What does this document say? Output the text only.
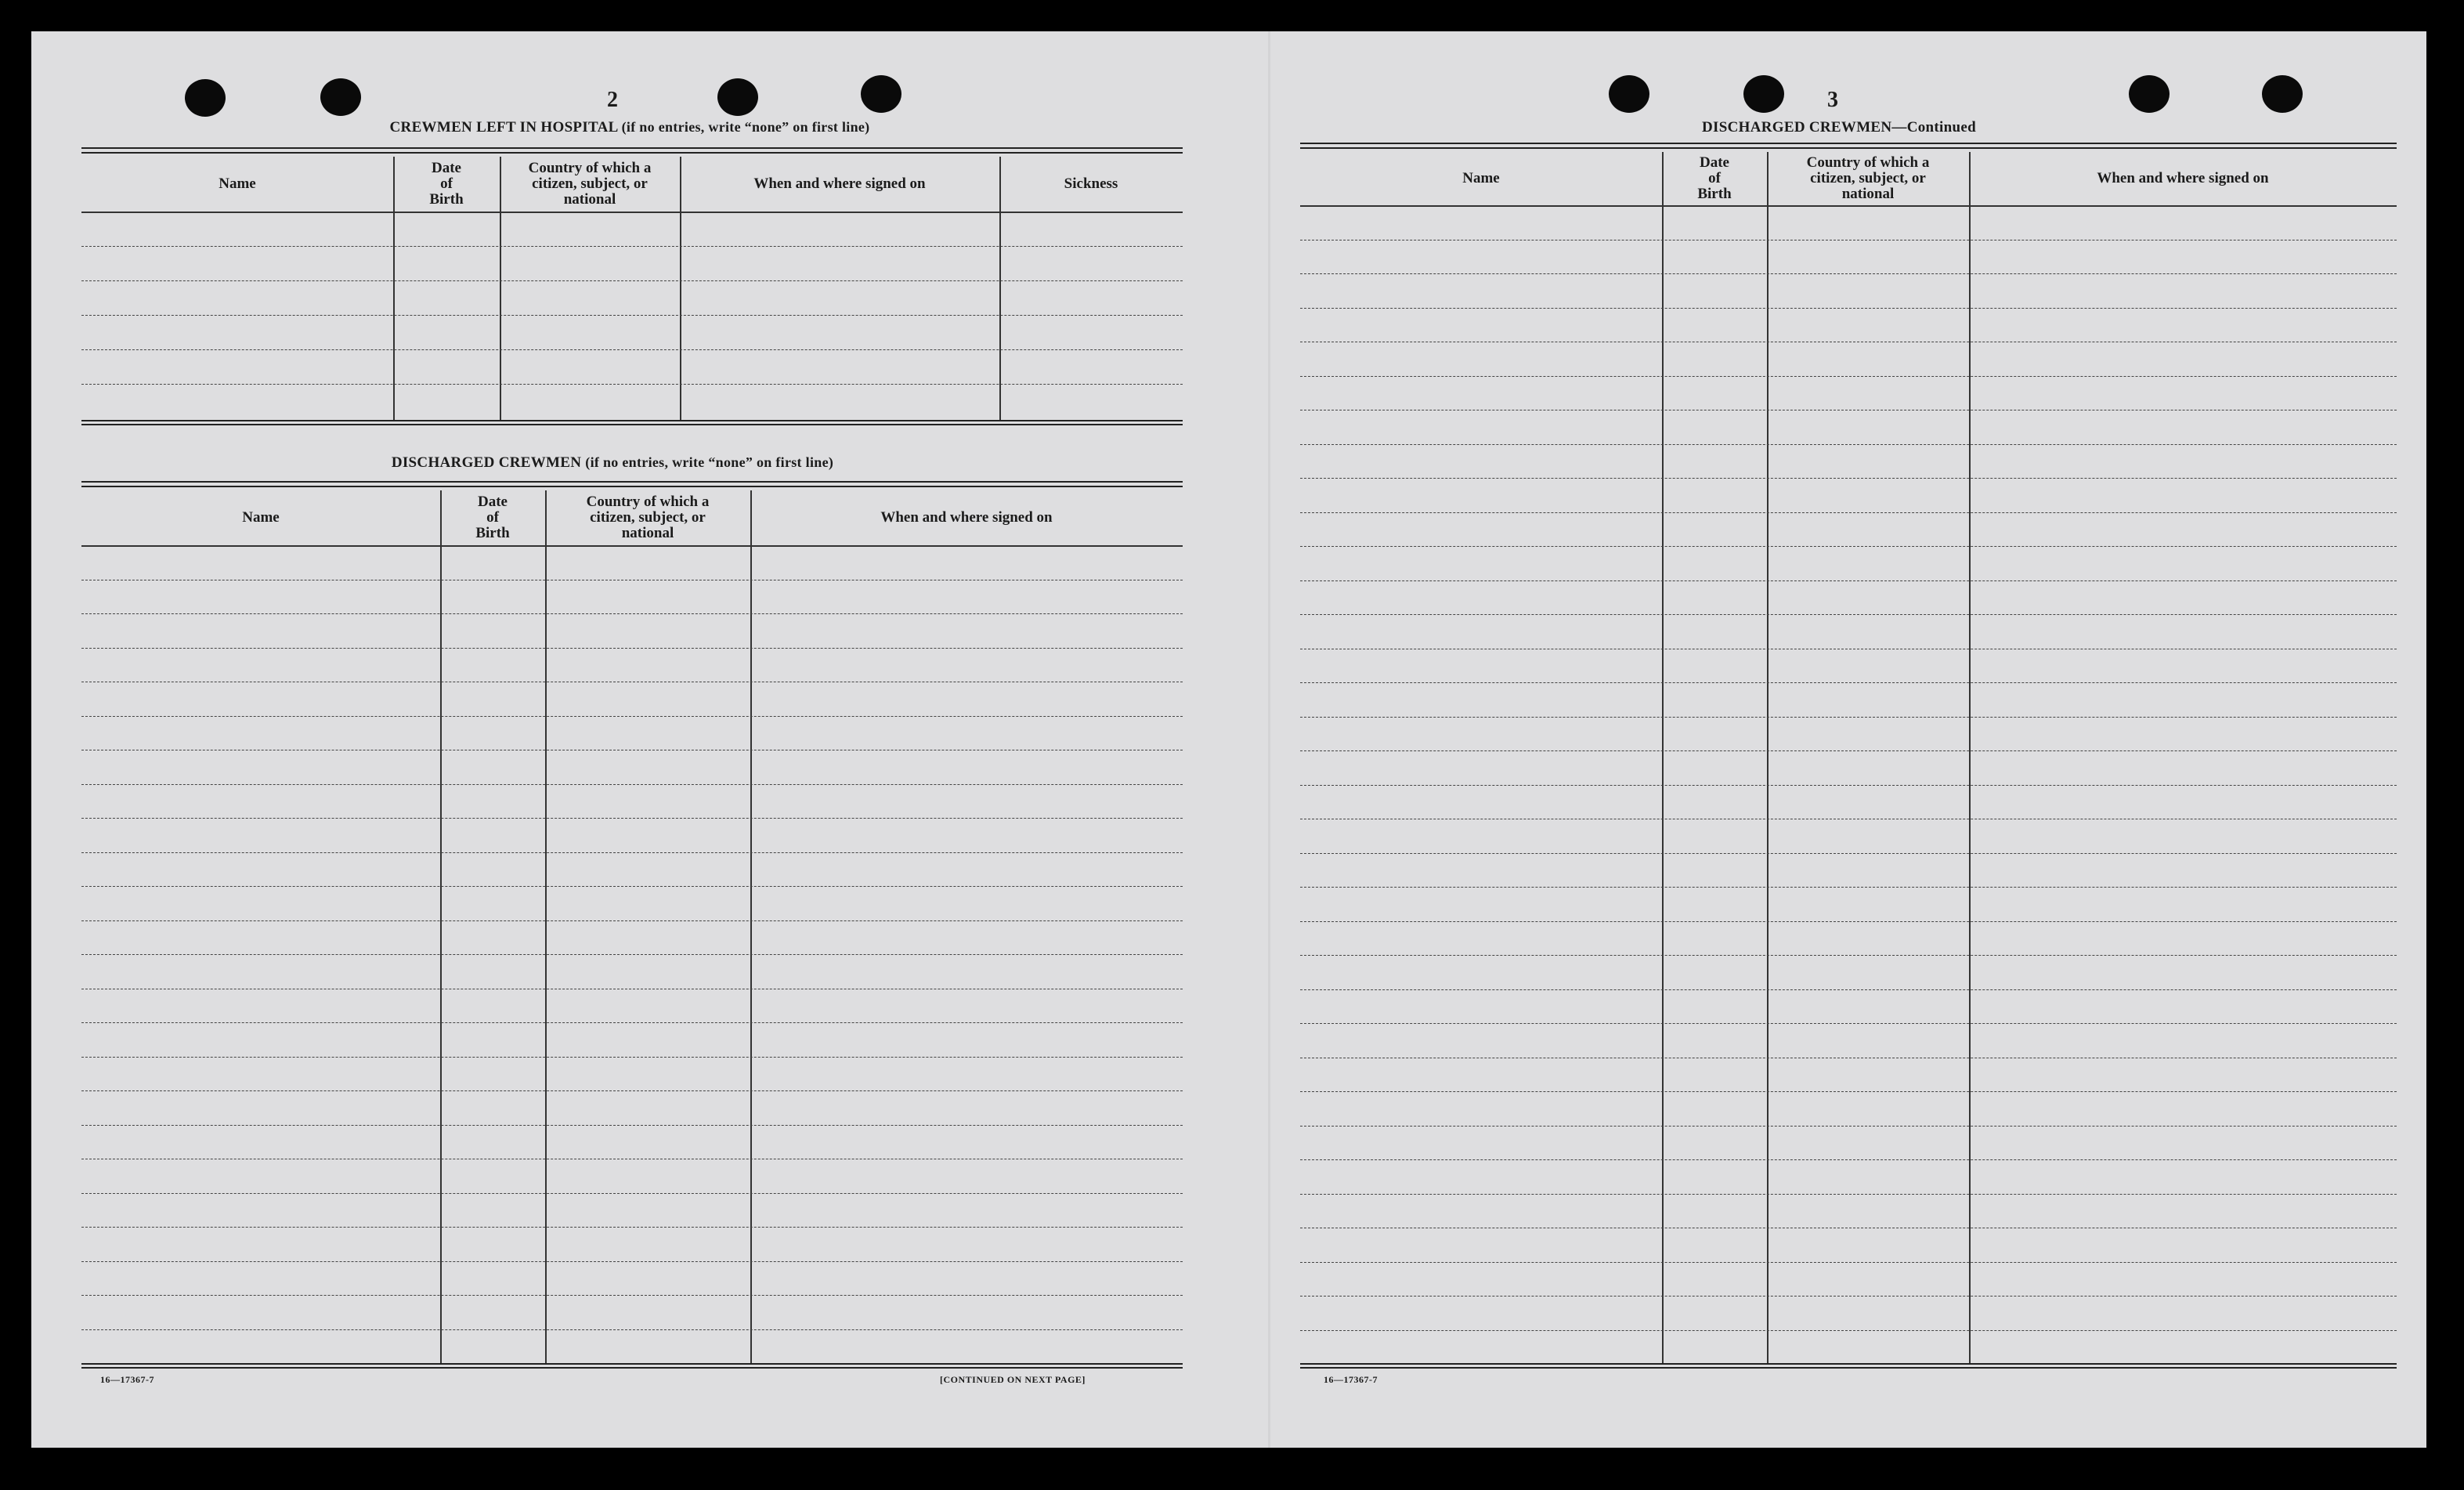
2
CREWMEN LEFT IN HOSPITAL (if no entries, write “none” on first line)
Name
Date
of
Birth
Country of which a
citizen, subject, or
national
When and where signed on	Sickness
DISCHARGED CREWMEN (if no entries, write “none” on first line)
Name
Date
of
Birth
Country of which a
citizen, subject, or
national
When and where signed on
16—17367-7	[CONTINUED ON NEXT PAGE]
3
DISCHARGED CREWMEN—Continued
Name
Date
of
Birth
Country of which a
citizen, subject, or
national
When and where signed on
16—17367-7
